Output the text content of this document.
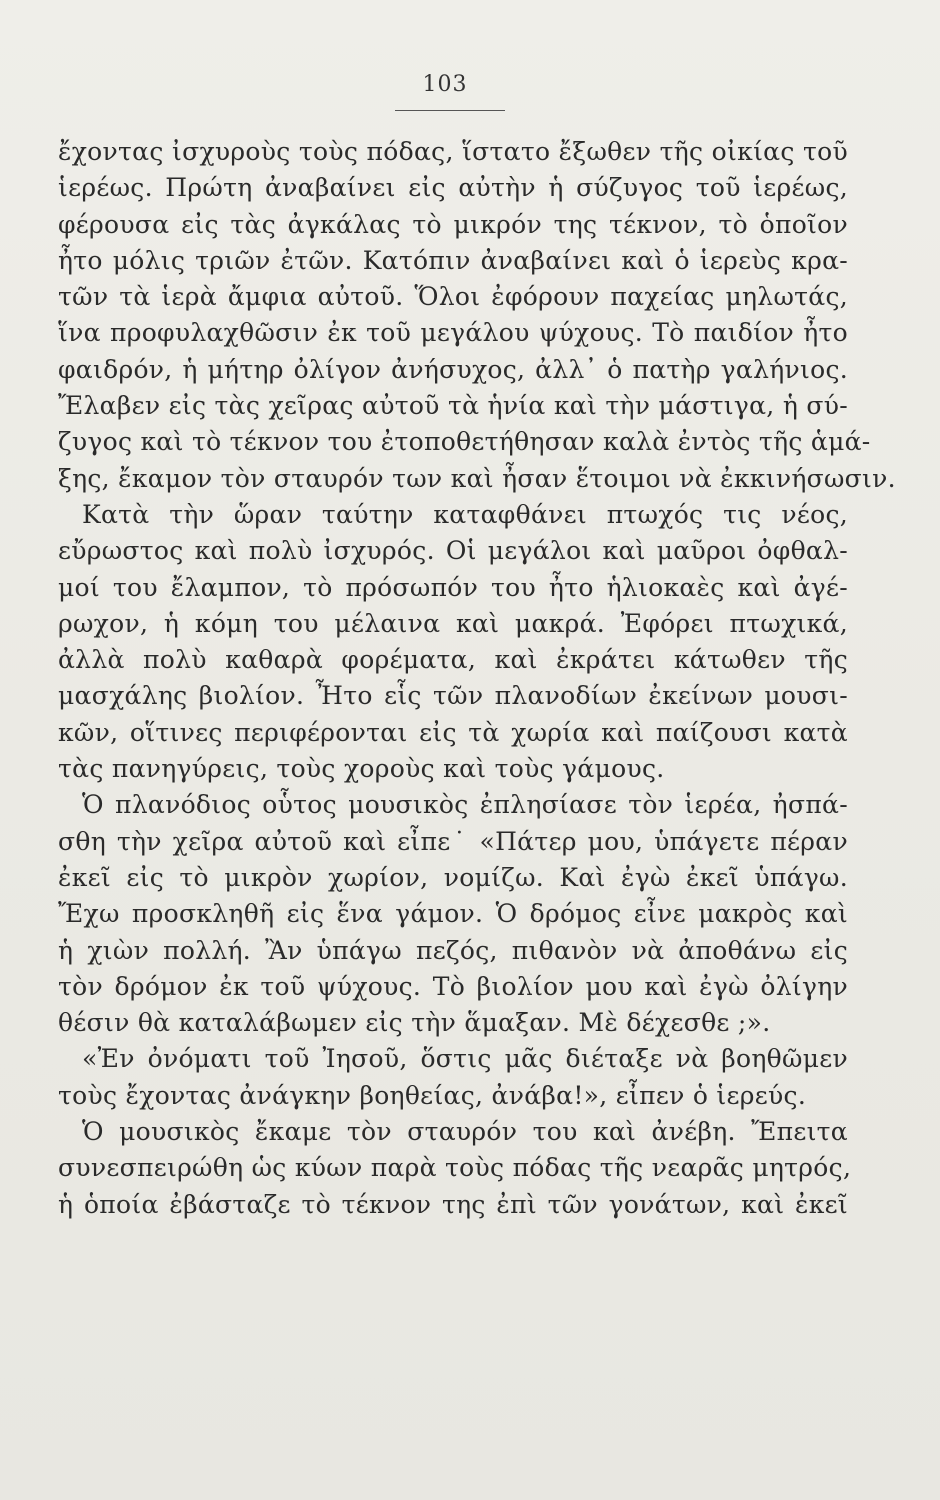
103
ἔχοντας ἰσχυροὺς τοὺς πόδας, ἵστατο ἔξωθεν τῆς οἰκίας τοῦ
ἱερέως. Πρώτη ἀναβαίνει εἰς αὐτὴν ἡ σύζυγος τοῦ ἱερέως,
φέρουσα εἰς τὰς ἀγκάλας τὸ μικρόν της τέκνον, τὸ ὁποῖον
ἦτο μόλις τριῶν ἐτῶν. Κατόπιν ἀναβαίνει καὶ ὁ ἱερεὺς κρα-
τῶν τὰ ἱερὰ ἄμφια αὐτοῦ. Ὅλοι ἐφόρουν παχείας μηλωτάς,
ἵνα προφυλαχθῶσιν ἐκ τοῦ μεγάλου ψύχους. Τὸ παιδίον ἦτο
φαιδρόν, ἡ μήτηρ ὀλίγον ἀνήσυχος, ἀλλ᾽ ὁ πατὴρ γαλήνιος.
Ἔλαβεν εἰς τὰς χεῖρας αὐτοῦ τὰ ἡνία καὶ τὴν μάστιγα, ἡ σύ-
ζυγος καὶ τὸ τέκνον του ἐτοποθετήθησαν καλὰ ἐντὸς τῆς ἁμά-
ξης, ἔκαμον τὸν σταυρόν των καὶ ἦσαν ἕτοιμοι νὰ ἐκκινήσωσιν.
Κατὰ τὴν ὥραν ταύτην καταφθάνει πτωχός τις νέος,
εὔρωστος καὶ πολὺ ἰσχυρός. Οἱ μεγάλοι καὶ μαῦροι ὀφθαλ-
μοί του ἔλαμπον, τὸ πρόσωπόν του ἦτο ἡλιοκαὲς καὶ ἀγέ-
ρωχον, ἡ κόμη του μέλαινα καὶ μακρά. Ἐφόρει πτωχικά,
ἀλλὰ πολὺ καθαρὰ φορέματα, καὶ ἐκράτει κάτωθεν τῆς
μασχάλης βιολίον. Ἦτο εἷς τῶν πλανοδίων ἐκείνων μουσι-
κῶν, οἵτινες περιφέρονται εἰς τὰ χωρία καὶ παίζουσι κατὰ
τὰς πανηγύρεις, τοὺς χοροὺς καὶ τοὺς γάμους.
Ὁ πλανόδιος οὗτος μουσικὸς ἐπλησίασε τὸν ἱερέα, ἠσπά-
σθη τὴν χεῖρα αὐτοῦ καὶ εἶπε˙ «Πάτερ μου, ὑπάγετε πέραν
ἐκεῖ εἰς τὸ μικρὸν χωρίον, νομίζω. Καὶ ἐγὼ ἐκεῖ ὑπάγω.
Ἔχω προσκληθῆ εἰς ἕνα γάμον. Ὁ δρόμος εἶνε μακρὸς καὶ
ἡ χιὼν πολλή. Ἂν ὑπάγω πεζός, πιθανὸν νὰ ἀποθάνω εἰς
τὸν δρόμον ἐκ τοῦ ψύχους. Τὸ βιολίον μου καὶ ἐγὼ ὀλίγην
θέσιν θὰ καταλάβωμεν εἰς τὴν ἅμαξαν. Μὲ δέχεσθε ;».
«Ἐν ὀνόματι τοῦ Ἰησοῦ, ὅστις μᾶς διέταξε νὰ βοηθῶμεν
τοὺς ἔχοντας ἀνάγκην βοηθείας, ἀνάβα!», εἶπεν ὁ ἱερεύς.
Ὁ μουσικὸς ἔκαμε τὸν σταυρόν του καὶ ἀνέβη. Ἔπειτα
συνεσπειρώθη ὡς κύων παρὰ τοὺς πόδας τῆς νεαρᾶς μητρός,
ἡ ὁποία ἐβάσταζε τὸ τέκνον της ἐπὶ τῶν γονάτων, καὶ ἐκεῖ
